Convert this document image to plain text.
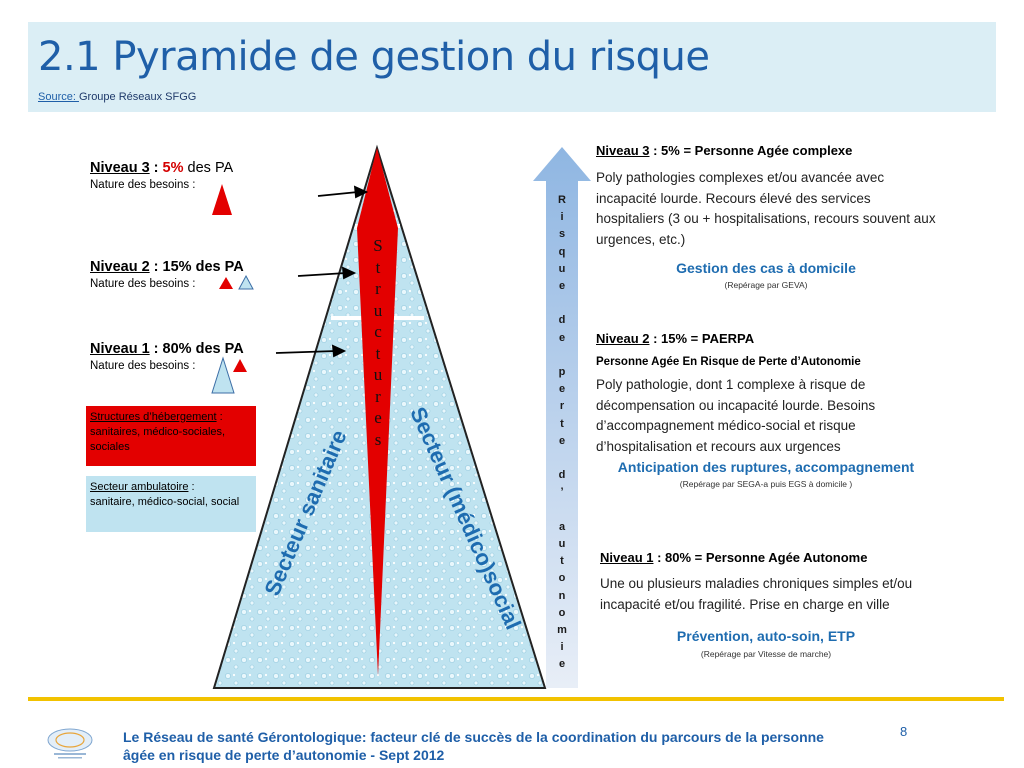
2.1 Pyramide de gestion du risque
Source: Groupe Réseaux SFGG
S
t
r
u
c
t
u
r
e
s
Secteur sanitaire Secteur (médico)social
R
i
s
q
u
e
d
e
p
e
r
t
e
d
’
a
u
t
o
n
o
m
i
e
Niveau 3 : 5% des PA
Nature des besoins :
Niveau 2 : 15% des PA
Nature des besoins :
Niveau 1 : 80% des PA
Nature des besoins :
Structures d’hébergement :
sanitaires, médico-sociales, sociales
Secteur ambulatoire :
sanitaire, médico-social, social
Niveau 3 : 5% = Personne Agée complexe
Poly pathologies complexes et/ou avancée avec incapacité lourde. Recours élevé des services hospitaliers (3 ou + hospitalisations, recours souvent aux urgences, etc.)
Gestion des cas à domicile
(Repérage par GEVA)
Niveau 2 : 15% = PAERPA
Personne Agée En Risque de Perte d’Autonomie
Poly pathologie, dont 1 complexe à risque de décompensation ou incapacité lourde. Besoins d’accompagnement médico-social et risque d’hospitalisation et recours aux urgences
Anticipation des ruptures, accompagnement
(Repérage par SEGA-a puis EGS à domicile )
Niveau 1 : 80% = Personne Agée Autonome
Une ou plusieurs maladies chroniques simples et/ou incapacité et/ou fragilité. Prise en charge en ville
Prévention, auto-soin, ETP
(Repérage par Vitesse de marche)
Le Réseau de santé Gérontologique: facteur clé de succès de la coordination du parcours de la personne âgée en risque de perte d’autonomie - Sept 2012
8
